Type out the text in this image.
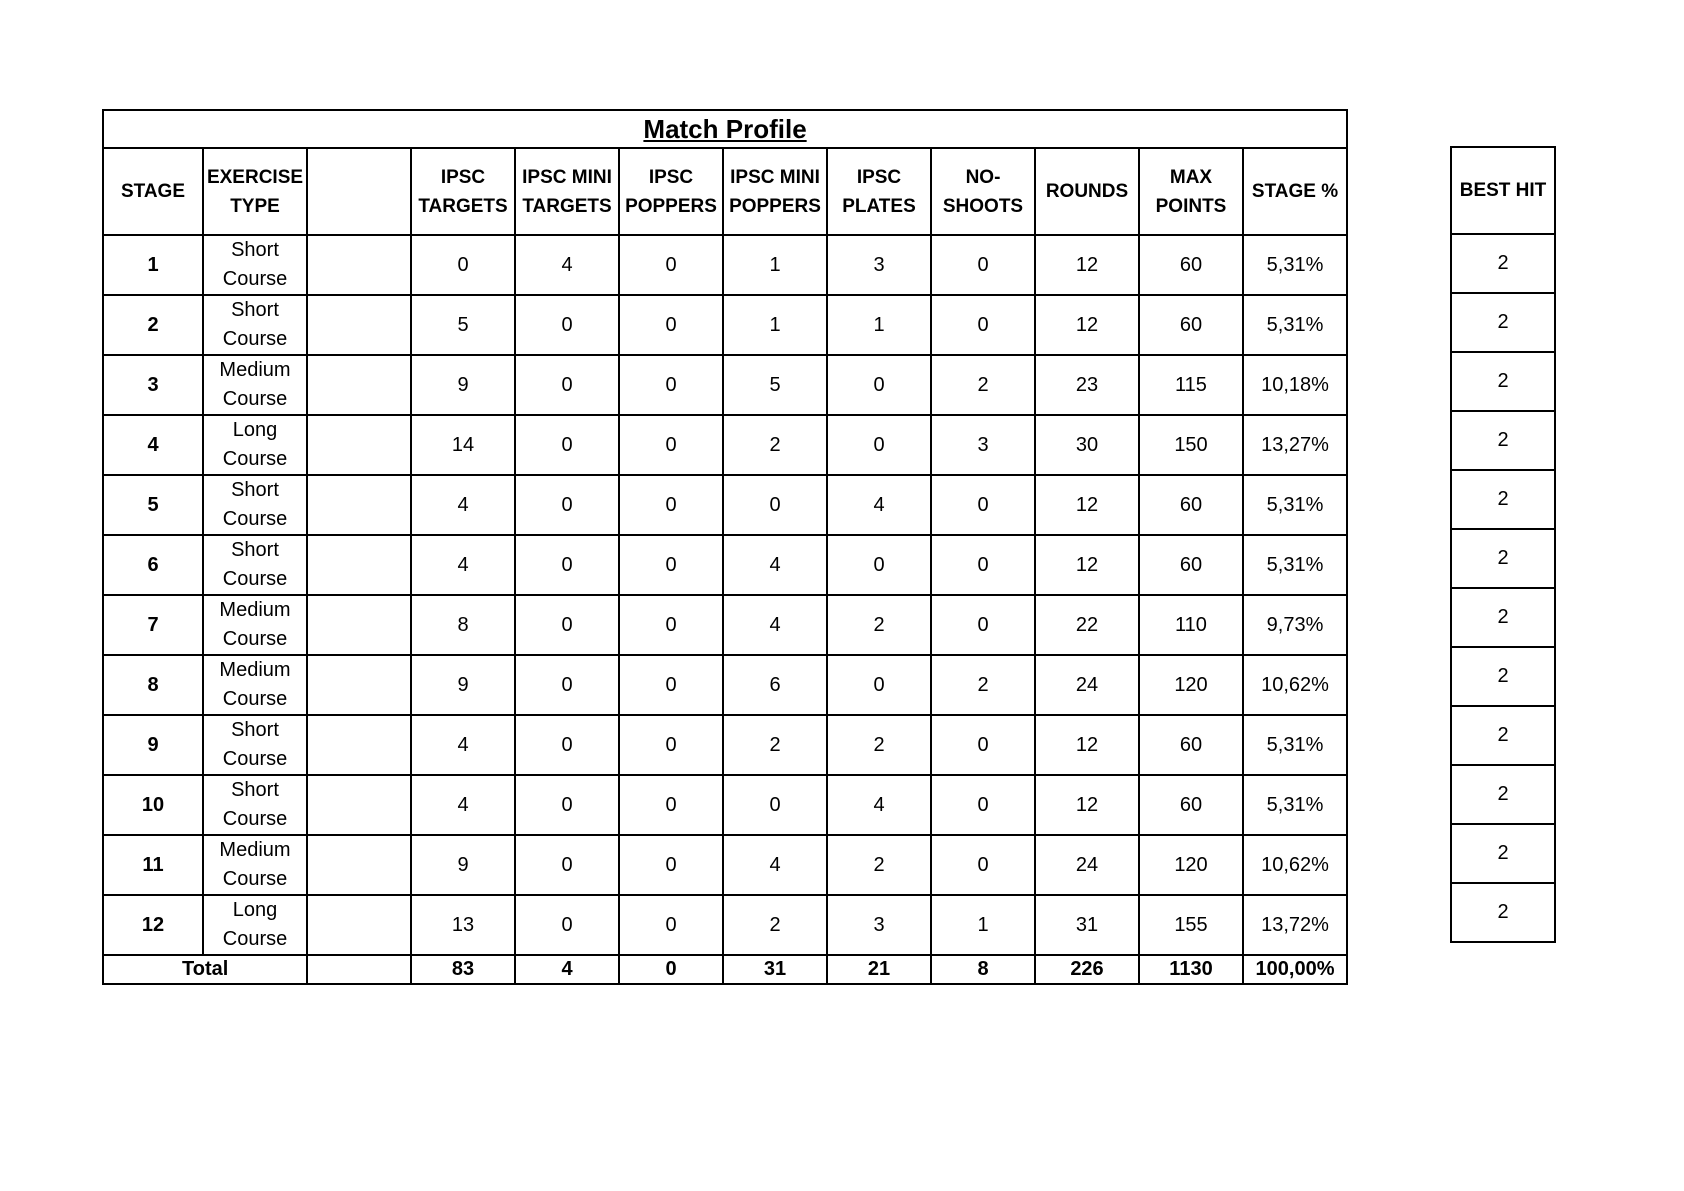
Match Profile											
STAGE	EXERCISE TYPE		IPSC TARGETS	IPSC MINI TARGETS	IPSC POPPERS	IPSC MINI POPPERS	IPSC PLATES	NO-SHOOTS	ROUNDS	MAX POINTS	STAGE %
1	Short Course		0	4	0	1	3	0	12	60	5,31%
2	Short Course		5	0	0	1	1	0	12	60	5,31%
3	Medium Course		9	0	0	5	0	2	23	115	10,18%
4	Long Course		14	0	0	2	0	3	30	150	13,27%
5	Short Course		4	0	0	0	4	0	12	60	5,31%
6	Short Course		4	0	0	4	0	0	12	60	5,31%
7	Medium Course		8	0	0	4	2	0	22	110	9,73%
8	Medium Course		9	0	0	6	0	2	24	120	10,62%
9	Short Course		4	0	0	2	2	0	12	60	5,31%
10	Short Course		4	0	0	0	4	0	12	60	5,31%
11	Medium Course		9	0	0	4	2	0	24	120	10,62%
12	Long Course		13	0	0	2	3	1	31	155	13,72%
Total			83	4	0	31	21	8	226	1130	100,00%
BEST HIT
2
2
2
2
2
2
2
2
2
2
2
2
